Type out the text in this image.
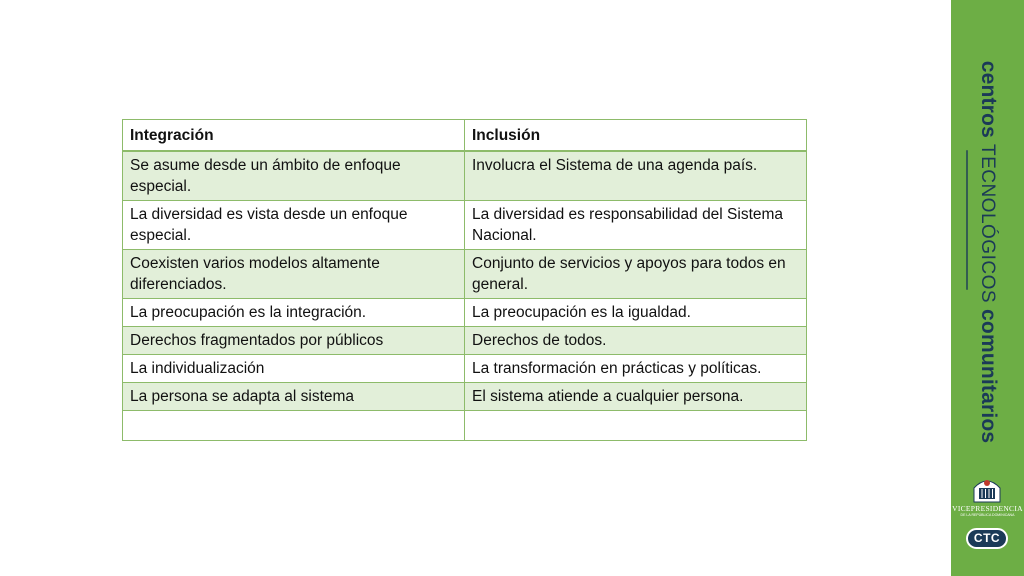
Integración	Inclusión
Se asume desde un ámbito de enfoque especial.	Involucra el Sistema de una agenda país.
La diversidad es vista desde un enfoque especial.	La diversidad es responsabilidad del Sistema Nacional.
Coexisten varios modelos altamente diferenciados.	Conjunto de servicios y apoyos para todos en general.
La preocupación es la integración.	La preocupación es la igualdad.
Derechos fragmentados por públicos	Derechos de todos.
La individualización	La transformación en prácticas y políticas.
La persona se adapta al sistema	El sistema atiende a cualquier persona.

centrosTECNOLÓGICOScomunitarios
VICEPRESIDENCIA
DE LA REPÚBLICA DOMINICANA
CTC
